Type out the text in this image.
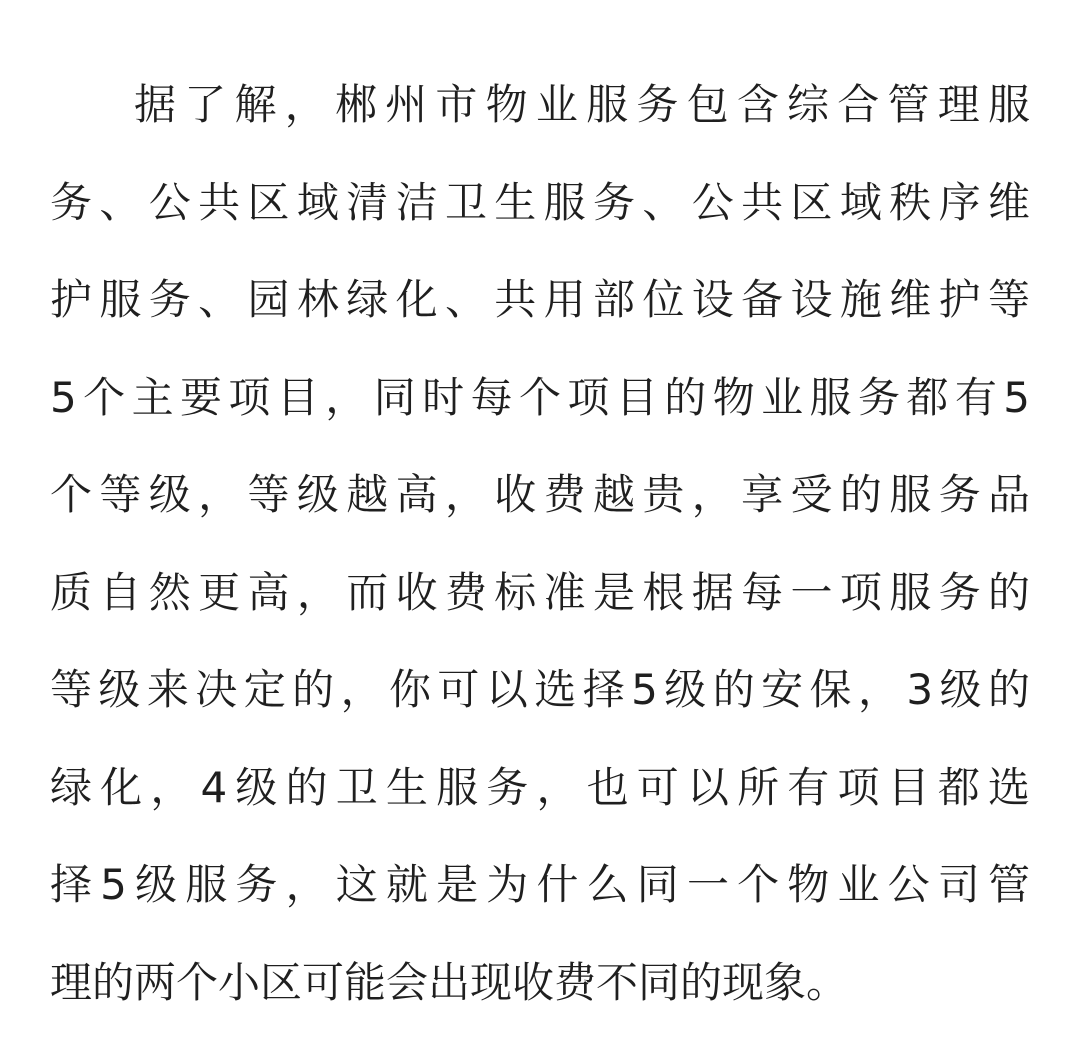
据了解，郴州市物业服务包含综合管理服
务、公共区域清洁卫生服务、公共区域秩序维
护服务、园林绿化、共用部位设备设施维护等
5个主要项目，同时每个项目的物业服务都有5
个等级，等级越高，收费越贵，享受的服务品
质自然更高，而收费标准是根据每一项服务的
等级来决定的，你可以选择5级的安保，3级的
绿化，4级的卫生服务，也可以所有项目都选
择5级服务，这就是为什么同一个物业公司管
理的两个小区可能会出现收费不同的现象。
